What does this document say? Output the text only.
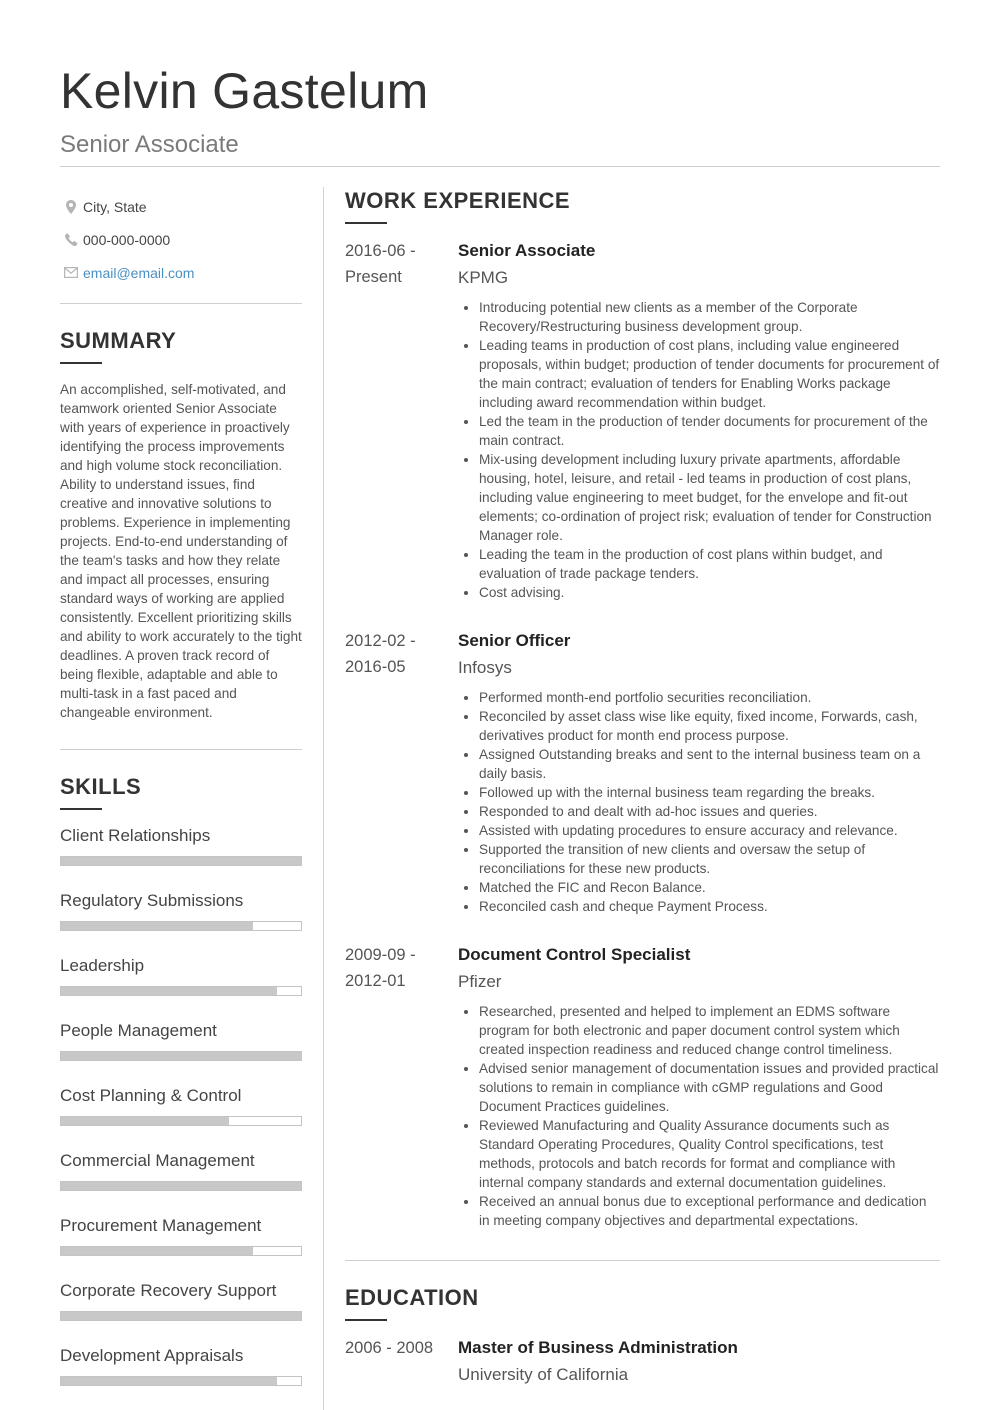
Kelvin Gastelum
Senior Associate
City, State
000-000-0000
email@email.com
SUMMARY
An accomplished, self-motivated, and teamwork oriented Senior Associate with years of experience in proactively identifying the process improvements and high volume stock reconciliation. Ability to understand issues, find creative and innovative solutions to problems. Experience in implementing projects. End-to-end understanding of the team's tasks and how they relate and impact all processes, ensuring standard ways of working are applied consistently. Excellent prioritizing skills and ability to work accurately to the tight deadlines. A proven track record of being flexible, adaptable and able to multi-task in a fast paced and changeable environment.
SKILLS
Client Relationships
Regulatory Submissions
Leadership
People Management
Cost Planning & Control
Commercial Management
Procurement Management
Corporate Recovery Support
Development Appraisals
WORK EXPERIENCE
2016-06 -
Present
Senior Associate
KPMG
• Introducing potential new clients as a member of the Corporate Recovery/Restructuring business development group.
• Leading teams in production of cost plans, including value engineered proposals, within budget; production of tender documents for procurement of the main contract; evaluation of tenders for Enabling Works package including award recommendation within budget.
• Led the team in the production of tender documents for procurement of the main contract.
• Mix-using development including luxury private apartments, affordable housing, hotel, leisure, and retail - led teams in production of cost plans, including value engineering to meet budget, for the envelope and fit-out elements; co-ordination of project risk; evaluation of tender for Construction Manager role.
• Leading the team in the production of cost plans within budget, and evaluation of trade package tenders.
• Cost advising.
2012-02 -
2016-05
Senior Officer
Infosys
• Performed month-end portfolio securities reconciliation.
• Reconciled by asset class wise like equity, fixed income, Forwards, cash, derivatives product for month end process purpose.
• Assigned Outstanding breaks and sent to the internal business team on a daily basis.
• Followed up with the internal business team regarding the breaks.
• Responded to and dealt with ad-hoc issues and queries.
• Assisted with updating procedures to ensure accuracy and relevance.
• Supported the transition of new clients and oversaw the setup of reconciliations for these new products.
• Matched the FIC and Recon Balance.
• Reconciled cash and cheque Payment Process.
2009-09 -
2012-01
Document Control Specialist
Pfizer
• Researched, presented and helped to implement an EDMS software program for both electronic and paper document control system which created inspection readiness and reduced change control timeliness.
• Advised senior management of documentation issues and provided practical solutions to remain in compliance with cGMP regulations and Good Document Practices guidelines.
• Reviewed Manufacturing and Quality Assurance documents such as Standard Operating Procedures, Quality Control specifications, test methods, protocols and batch records for format and compliance with internal company standards and external documentation guidelines.
• Received an annual bonus due to exceptional performance and dedication in meeting company objectives and departmental expectations.
EDUCATION
2006 - 2008	Master of Business Administration
University of California
